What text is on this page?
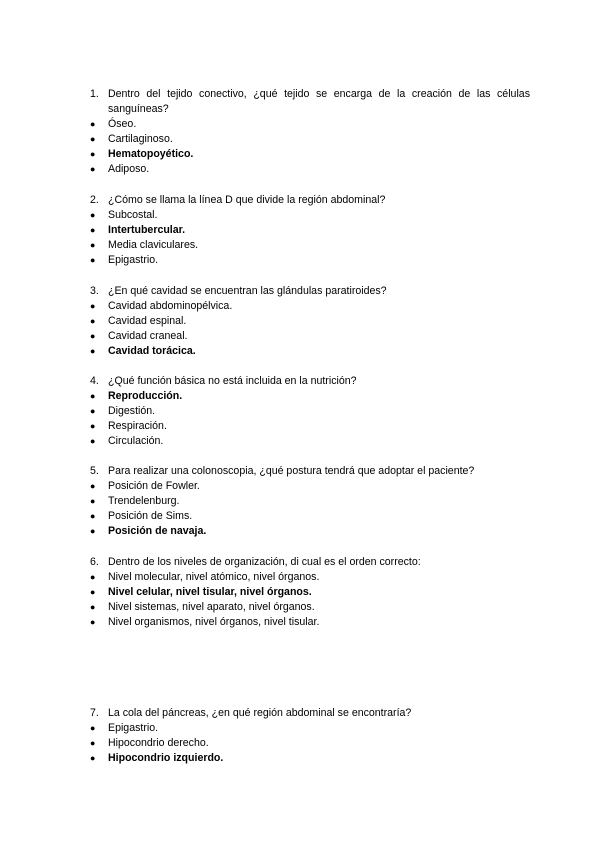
1. Dentro del tejido conectivo, ¿qué tejido se encarga de la creación de las células sanguíneas?
●	Óseo.
●	Cartilaginoso.
●	Hematopoyético.
●	Adiposo.
2. ¿Cómo se llama la línea D que divide la región abdominal?
●	Subcostal.
●	Intertubercular.
●	Media claviculares.
●	Epigastrio.
3. ¿En qué cavidad se encuentran las glándulas paratiroides?
●	Cavidad abdominopélvica.
●	Cavidad espinal.
●	Cavidad craneal.
●	Cavidad torácica.
4. ¿Qué función básica no está incluida en la nutrición?
●	Reproducción.
●	Digestión.
●	Respiración.
●	Circulación.
5. Para realizar una colonoscopia, ¿qué postura tendrá que adoptar el paciente?
●	Posición de Fowler.
●	Trendelenburg.
●	Posición de Sims.
●	Posición de navaja.
6. Dentro de los niveles de organización, di cual es el orden correcto:
●	Nivel molecular, nivel atómico, nivel órganos.
●	Nivel celular, nivel tisular, nivel órganos.
●	Nivel sistemas, nivel aparato, nivel órganos.
●	Nivel organismos, nivel órganos, nivel tisular.
7. La cola del páncreas, ¿en qué región abdominal se encontraría?
●	Epigastrio.
●	Hipocondrio derecho.
●	Hipocondrio izquierdo.
